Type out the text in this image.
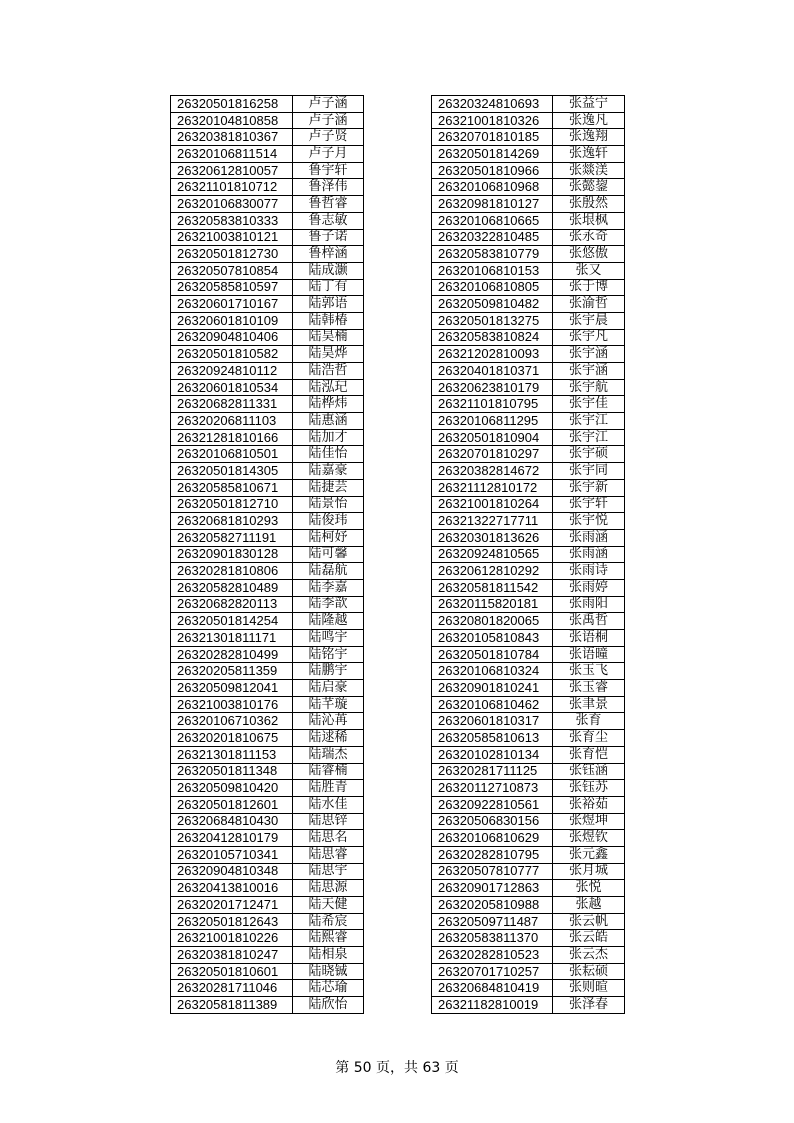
26320501816258	卢子涵
26320104810858	卢子涵
26320381810367	卢子贤
26320106811514	卢子月
26320612810057	鲁宇轩
26321101810712	鲁泽伟
26320106830077	鲁哲睿
26320583810333	鲁志敏
26321003810121	鲁子诺
26320501812730	鲁梓涵
26320507810854	陆成灏
26320585810597	陆丁有
26320601710167	陆郭语
26320601810109	陆韩椿
26320904810406	陆昊楠
26320501810582	陆昊烨
26320924810112	陆浩哲
26320601810534	陆泓玘
26320682811331	陆桦炜
26320206811103	陆惠涵
26321281810166	陆加才
26320106810501	陆佳怡
26320501814305	陆嘉豪
26320585810671	陆捷芸
26320501812710	陆景怡
26320681810293	陆俊玮
26320582711191	陆柯妤
26320901830128	陆可馨
26320281810806	陆磊航
26320582810489	陆李嘉
26320682820113	陆李歆
26320501814254	陆隆越
26321301811171	陆鸣宇
26320282810499	陆铭宇
26320205811359	陆鹏宇
26320509812041	陆启豪
26321003810176	陆芊璇
26320106710362	陆沁苒
26320201810675	陆逑稀
26321301811153	陆瑞杰
26320501811348	陆睿楠
26320509810420	陆胜青
26320501812601	陆水佳
26320684810430	陆思锌
26320412810179	陆思名
26320105710341	陆思睿
26320904810348	陆思宇
26320413810016	陆思源
26320201712471	陆天健
26320501812643	陆希宸
26321001810226	陆熙睿
26320381810247	陆相泉
26320501810601	陆晓铖
26320281711046	陆芯瑜
26320581811389	陆欣怡
26320324810693	张益宁
26321001810326	张逸凡
26320701810185	张逸翔
26320501814269	张逸轩
26320501810966	张燚渼
26320106810968	张懿鋆
26320981810127	张殷然
26320106810665	张垠枫
26320322810485	张永奇
26320583810779	张悠傲
26320106810153	张又
26320106810805	张于博
26320509810482	张渝哲
26320501813275	张宇晨
26320583810824	张宇凡
26321202810093	张宇涵
26320401810371	张宇涵
26320623810179	张宇航
26321101810795	张宇佳
26320106811295	张宇江
26320501810904	张宇江
26320701810297	张宇硕
26320382814672	张宇同
26321112810172	张宇新
26321001810264	张宇轩
26321322717711	张宇悦
26320301813626	张雨涵
26320924810565	张雨涵
26320612810292	张雨诗
26320581811542	张雨婷
26320115820181	张雨阳
26320801820065	张禹哲
26320105810843	张语桐
26320501810784	张语曈
26320106810324	张玉飞
26320901810241	张玉睿
26320106810462	张聿景
26320601810317	张育
26320585810613	张育尘
26320102810134	张育恺
26320281711125	张钰涵
26320112710873	张钰苏
26320922810561	张裕茹
26320506830156	张煜坤
26320106810629	张煜钦
26320282810795	张元鑫
26320507810777	张月城
26320901712863	张悦
26320205810988	张越
26320509711487	张云帆
26320583811370	张云皓
26320282810523	张云杰
26320701710257	张耘硕
26320684810419	张则暄
26321182810019	张泽春
第 50 页，共 63 页
